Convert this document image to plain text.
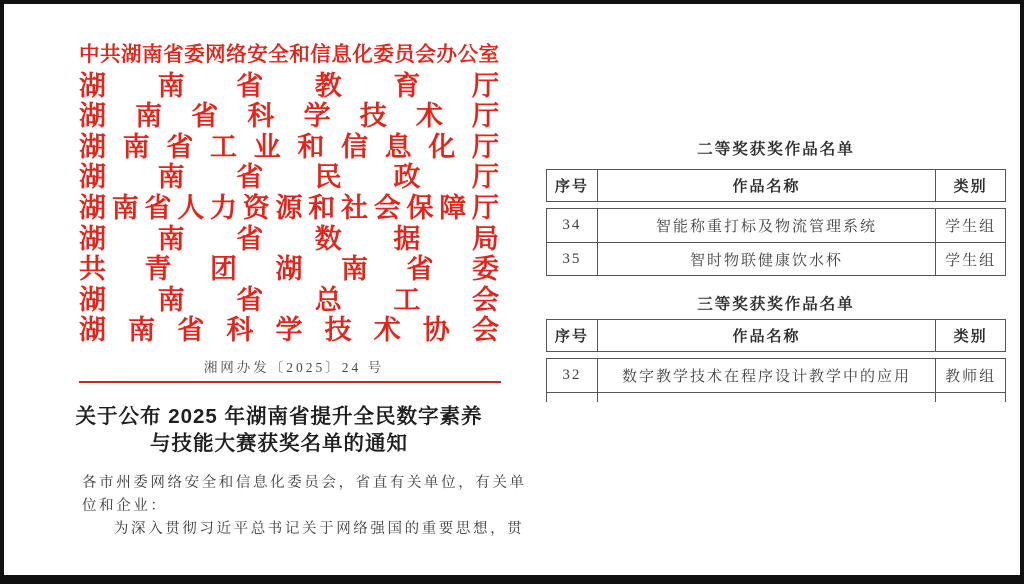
中共湖南省委网络安全和信息化委员会办公室
湖南省教育厅
湖南省科学技术厅
湖南省工业和信息化厅
湖南省民政厅
湖南省人力资源和社会保障厅
湖南省数据局
共青团湖南省委
湖南省总工会
湖南省科学技术协会
湘网办发〔2025〕24 号
关于公布 2025 年湖南省提升全民数字素养
与技能大赛获奖名单的通知
各市州委网络安全和信息化委员会，省直有关单位，有关单
位和企业：
为深入贯彻习近平总书记关于网络强国的重要思想，贯
二等奖获奖作品名单
序号	作品名称	类别
34	智能称重打标及物流管理系统	学生组
35	智时物联健康饮水杯	学生组
三等奖获奖作品名单
序号	作品名称	类别
32	数字教学技术在程序设计教学中的应用	教师组
